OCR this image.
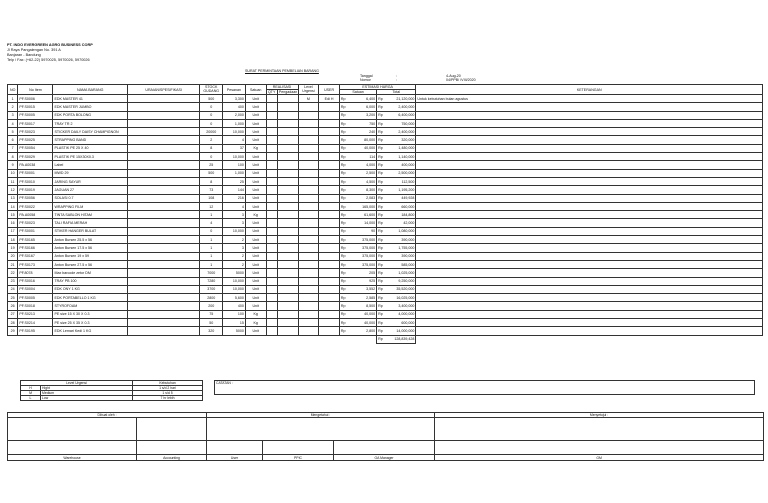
PT. INDO EVERGREEN AGRO BUSINESS CORP
Jl Raya Pangalengan No. 391 A
Banjaran - Bandung
Telp / Fax: (+62-22) 5970025, 5970026, 5970026
SURAT PERMINTAAN PEMBELIAN BARANG
Tanggal	:	4-Aug-20
Nomor	:	04/PPB/ /VIII/2020
NO	No Item	NAMA BARANG	URAIAN/SPESIFIKASI	STOCK GUDANG	Pesanan	Satuan	REALISASI		Level Urgensi	USER	ESTIMASI HARGA				KETERANGAN
							QTY	Pengadaan			Satuan		Total		
1	PF.S0006	EDK MASTER 41		500	3,300	Unit			M	Edi H	Rp	6,400	Rp	21,120,000	Untuk kebutuhan bulan agustus
2	PF.S0015	EDK MASTER JUMBO		0	400	Unit					Rp	6,000	Rp	2,400,000	
3	PF.S0005	EDK PORTA BOLONG		0	2,000	Unit					Rp	3,200	Rp	6,400,000	
4	PF.S0017	TRAY TR 2		0	1,000	Unit					Rp	750	Rp	750,000	
5	PF.S0023	STICKER DAILY DAISY CHAMPIGNON		20000	10,000	Unit					Rp	240	Rp	2,400,000	
6	PF.S0025	STRAPPING BAND		2	4	Unit					Rp	80,000	Rp	320,000	
7	PF.S0054	PLASTIK PE 25 X 40		8	37	Kg					Rp	40,000	Rp	1,480,000	
8	PF.S0029	PLASTIK PE 15X30X0.3		0	10,000	Unit					Rp	114	Rp	1,140,000	
9	PA.A0038	Label		25	100	Unit					Rp	4,000	Rp	400,000	
10	PF.S0001	MWD 29		500	1,000	Unit					Rp	2,500	Rp	2,500,000	
11	PF.S0010	JARING SAYUR		8	25	Unit					Rp	4,500	Rp	112,500	
12	PF.S0019	JAGUAN 27		73	144	Unit					Rp	8,300	Rp	1,195,200	
13	PF.S0056	SOLASI 0.7		108	216	Unit					Rp	2,083	Rp	449,928	
14	PF.S0022	WRAPPING FILM		12	4	Unit					Rp	165,000	Rp	660,000	
15	PA.A0058	TINTA SABLON HITAM		1	3	Kg					Rp	61,600	Rp	184,800	
16	PF.S0023	TALI RAFIA MERAH		4	3	Unit					Rp	14,000	Rp	42,000	
17	PF.S0001	STIKER HANGER BULAT		0	10,000	Unit					Rp	90	Rp	1,080,000	
18	PF.S0165	Anton Bursen 25.5 x 56		1	2	Unit					Rp	375,000	Rp	390,000	
19	PF.S0166	Anton Bursen 17.5 x 56		1	3	Unit					Rp	375,000	Rp	1,755,000	
20	PF.S0167	Anton Bursen 19 x 59		1	2	Unit					Rp	375,000	Rp	390,000	
21	PF.S0173	Anton Bursen 27.5 x 56		1	2	Unit					Rp	375,000	Rp	585,000	
22	PF.8078	Max barcode zetor DM		7000	5000	Unit					Rp	205	Rp	1,025,000	
23	PF.S0016	TRAY PB 100		7280	10,000	Unit					Rp	925	Rp	9,250,000	
24	PF.S0004	EDK ONY 1 KG		3700	10,000	Unit					Rp	3,552	Rp	35,520,000	
25	PF.S0005	EDK PORTABELLO 1 KG		2800	5,600	Unit					Rp	2,585	Rp	16,025,000	
26	PF.S0018	STYROFOAM		200	400	Unit					Rp	8,500	Rp	3,400,000	
27	PF.S0213	PE size 15 X 30 X 0.3		75	100	Kg					Rp	40,000	Rp	4,000,000	
28	PF.S0214	PE size 25 X 35 X 0.3		50	15	Kg					Rp	40,000	Rp	600,000	
29	PF.S0195	EDK Lemari Kedi 1 KG		320	5000	Unit					Rp	2,800	Rp	14,000,000	
													Rp	128,839,428	
Level Urgensi		Kebutuhan
H	Hight	1 s/d 2 hari
M	Medium	1 s/d 5
L	Low	7 hr lebih
CATATAN :
Dibuat oleh :		Mengetahui :			Menyetujui :

Warehouse	Accounting	User	PPIC	GA Manager	GM
